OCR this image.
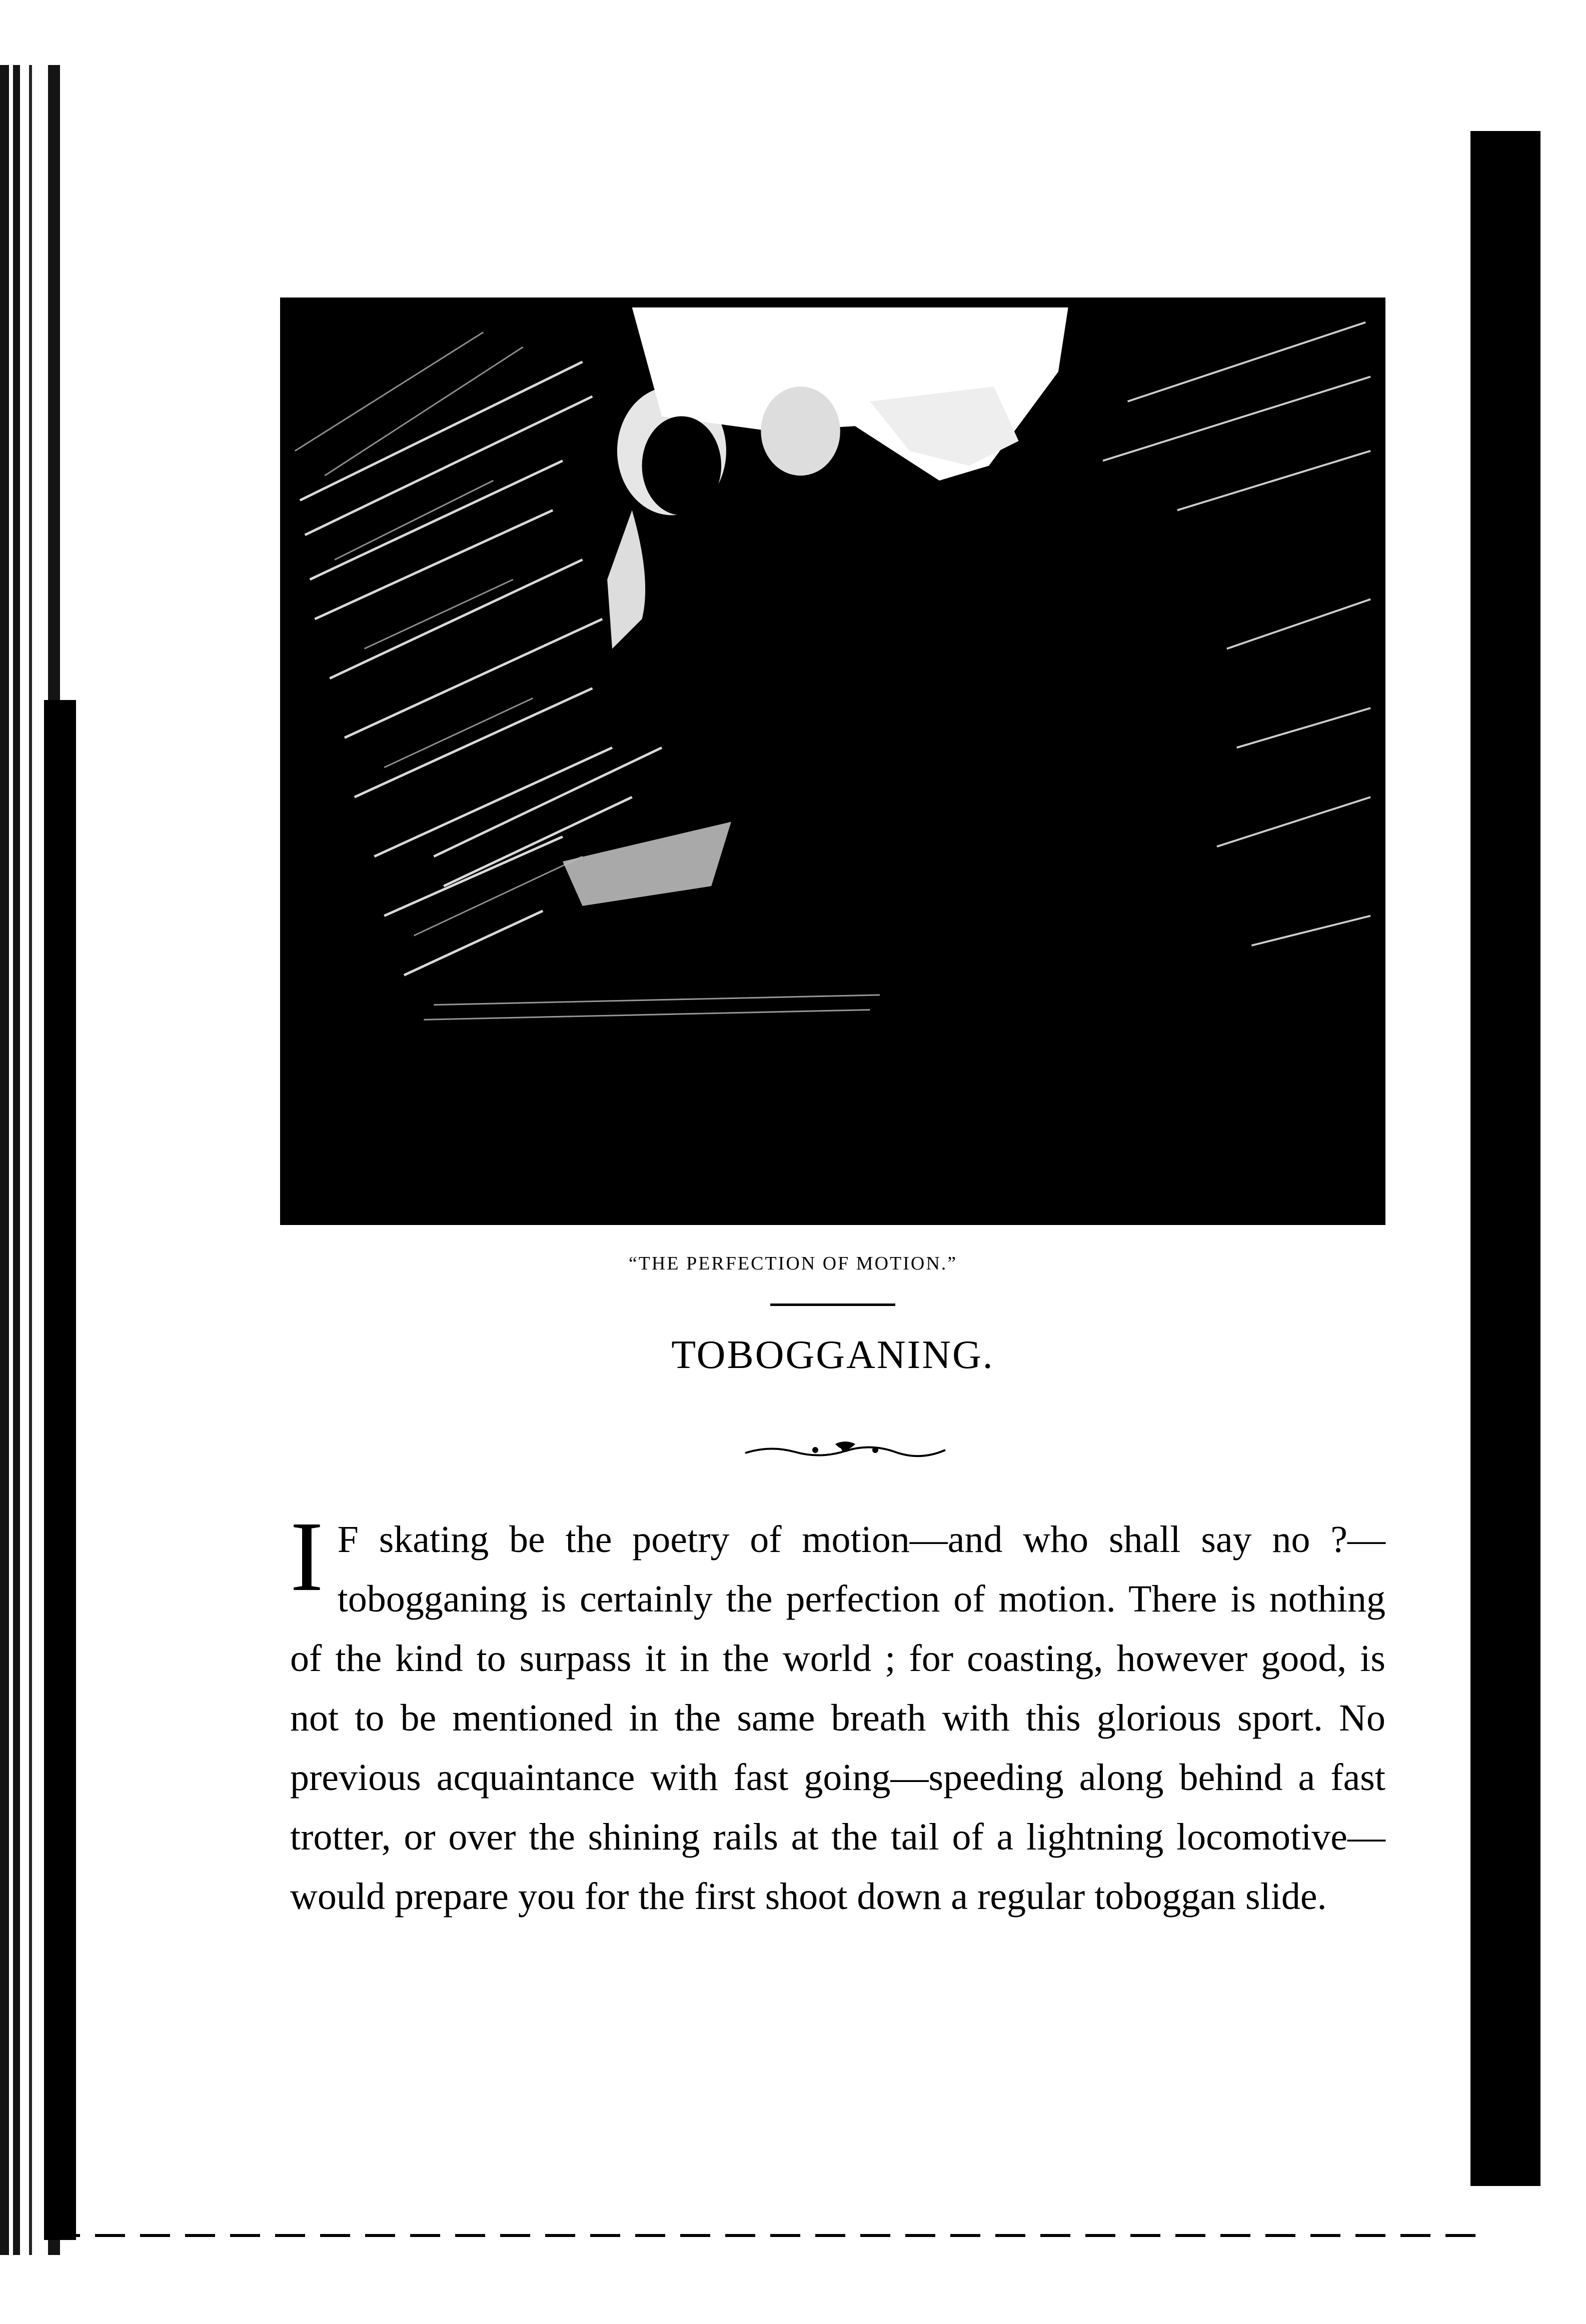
“THE PERFECTION OF MOTION.”
TOBOGGANING.

I F skating be the poetry of motion—and who shall say no ?—tobogganing is certainly the perfection of motion. There is nothing of the kind to surpass it in the world ; for coasting, however good, is not to be mentioned in the same breath with this glorious sport. No previous acquaintance with fast going—speeding along behind a fast trotter, or over the shining rails at the tail of a lightning locomotive—would prepare you for the first shoot down a regular toboggan slide.
